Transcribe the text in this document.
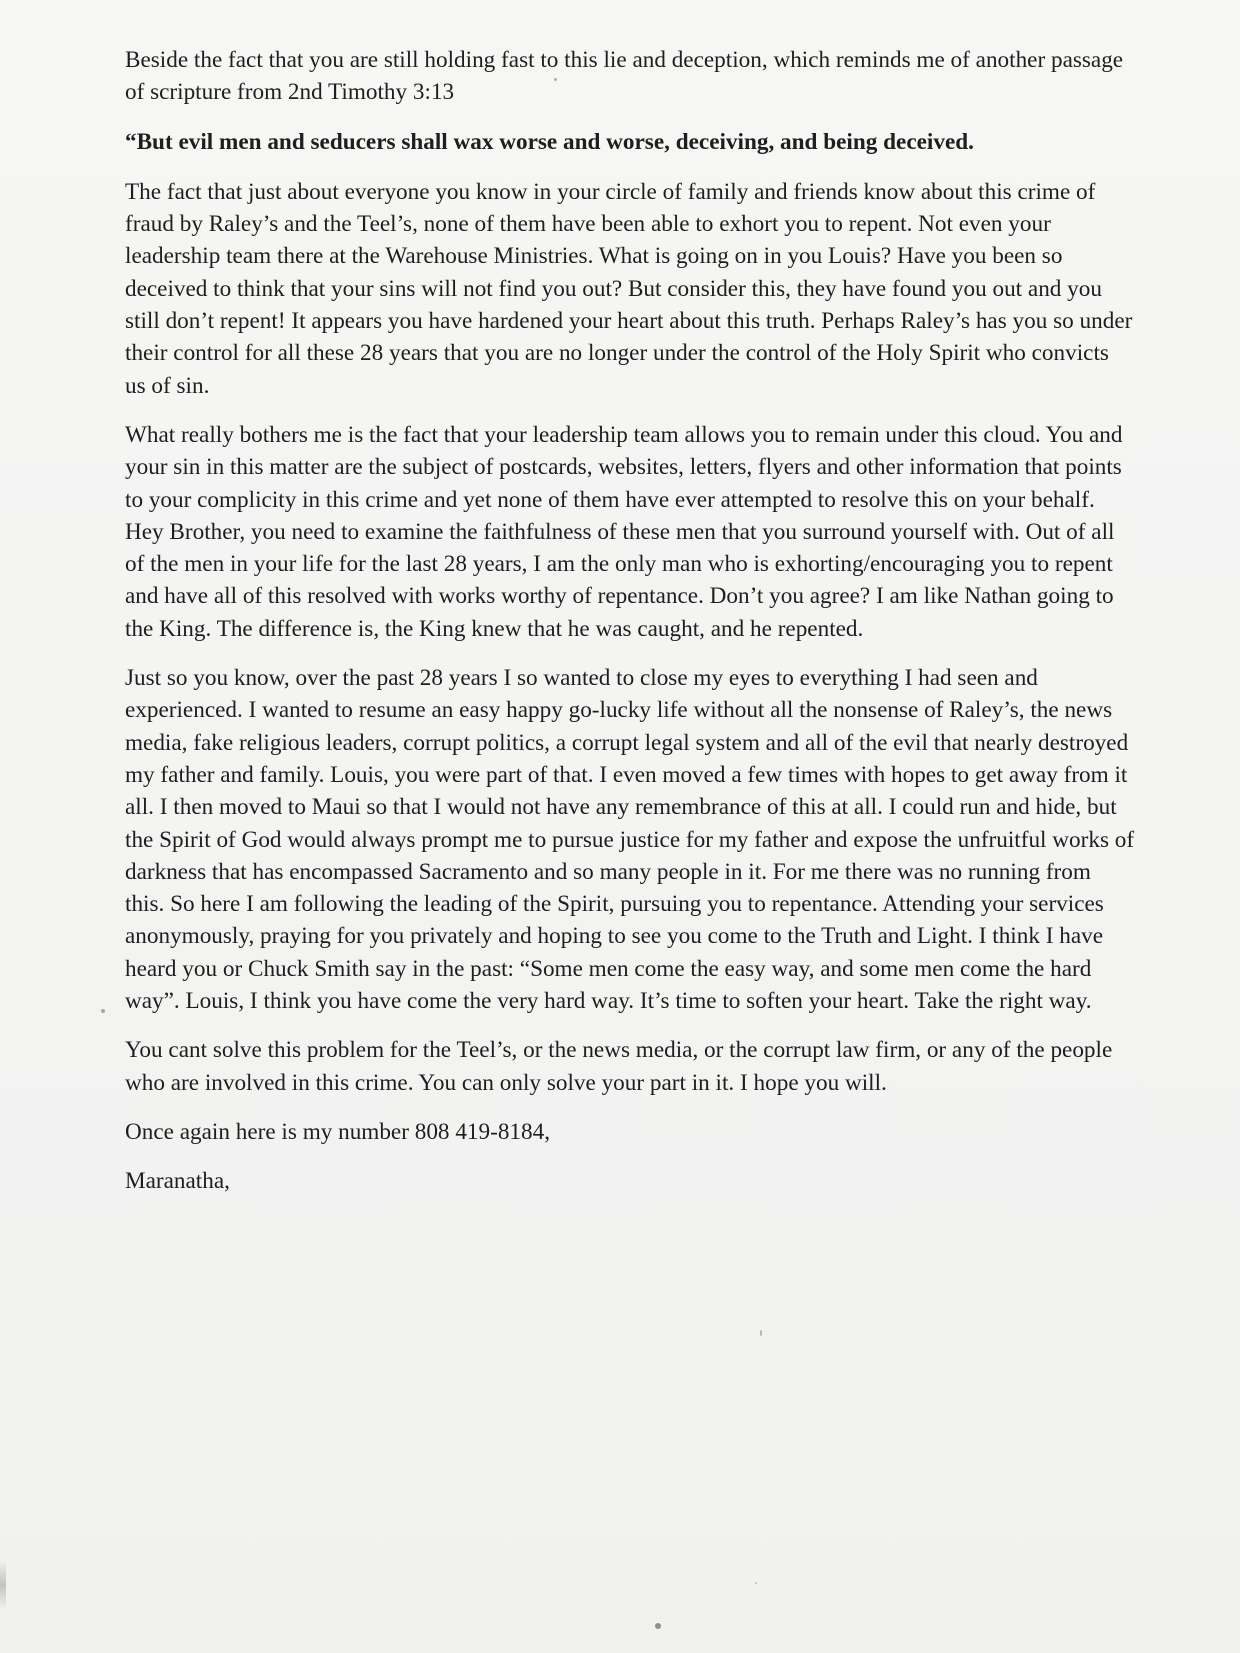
Beside the fact that you are still holding fast to this lie and deception, which reminds me of another passage of scripture from 2nd Timothy 3:13

“But evil men and seducers shall wax worse and worse, deceiving, and being deceived.

The fact that just about everyone you know in your circle of family and friends know about this crime of fraud by Raley’s and the Teel’s, none of them have been able to exhort you to repent. Not even your leadership team there at the Warehouse Ministries. What is going on in you Louis? Have you been so deceived to think that your sins will not find you out? But consider this, they have found you out and you still don’t repent! It appears you have hardened your heart about this truth. Perhaps Raley’s has you so under their control for all these 28 years that you are no longer under the control of the Holy Spirit who convicts us of sin.

What really bothers me is the fact that your leadership team allows you to remain under this cloud. You and your sin in this matter are the subject of postcards, websites, letters, flyers and other information that points to your complicity in this crime and yet none of them have ever attempted to resolve this on your behalf. Hey Brother, you need to examine the faithfulness of these men that you surround yourself with. Out of all of the men in your life for the last 28 years, I am the only man who is exhorting/encouraging you to repent and have all of this resolved with works worthy of repentance. Don’t you agree? I am like Nathan going to the King. The difference is, the King knew that he was caught, and he repented.

Just so you know, over the past 28 years I so wanted to close my eyes to everything I had seen and experienced. I wanted to resume an easy happy go-lucky life without all the nonsense of Raley’s, the news media, fake religious leaders, corrupt politics, a corrupt legal system and all of the evil that nearly destroyed my father and family. Louis, you were part of that. I even moved a few times with hopes to get away from it all. I then moved to Maui so that I would not have any remembrance of this at all. I could run and hide, but the Spirit of God would always prompt me to pursue justice for my father and expose the unfruitful works of darkness that has encompassed Sacramento and so many people in it. For me there was no running from this. So here I am following the leading of the Spirit, pursuing you to repentance. Attending your services anonymously, praying for you privately and hoping to see you come to the Truth and Light. I think I have heard you or Chuck Smith say in the past: “Some men come the easy way, and some men come the hard way”. Louis, I think you have come the very hard way. It’s time to soften your heart. Take the right way.

You cant solve this problem for the Teel’s, or the news media, or the corrupt law firm, or any of the people who are involved in this crime. You can only solve your part in it. I hope you will.

Once again here is my number 808 419-8184,

Maranatha,
